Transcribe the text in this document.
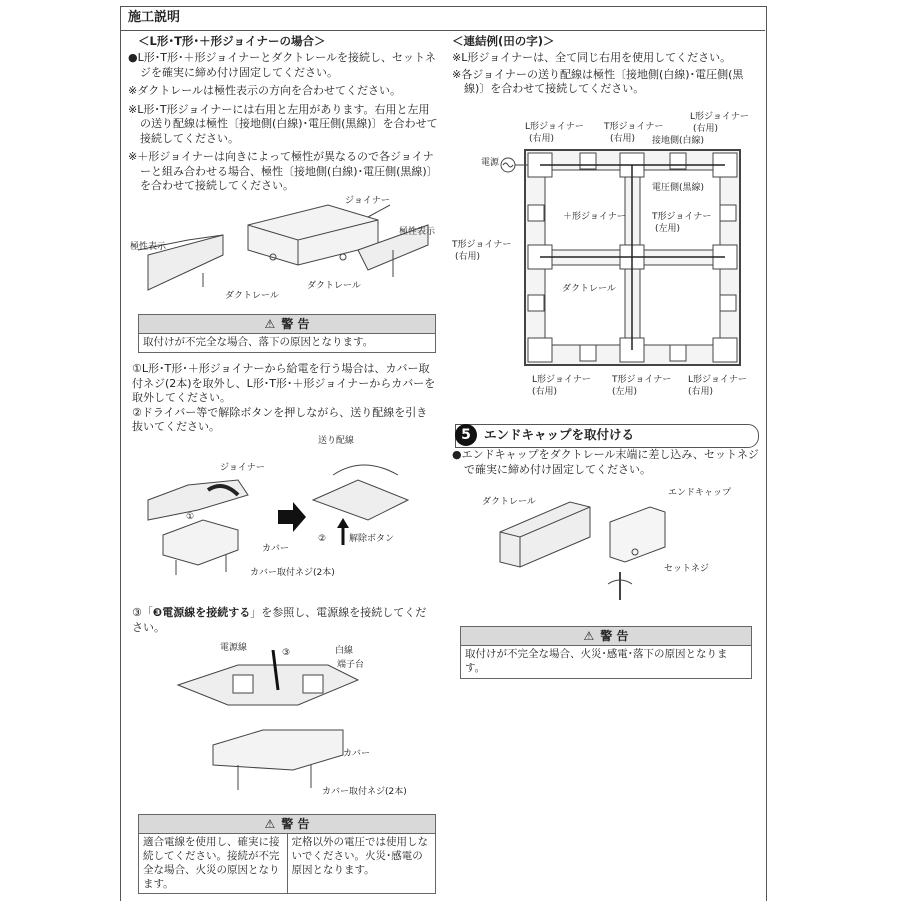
施工説明

＜L形･T形･＋形ジョイナーの場合＞

●L形･T形･＋形ジョイナーとダクトレールを接続し、セットネジを確実に締め付け固定してください。

※ダクトレールは極性表示の方向を合わせてください。

※L形･T形ジョイナーには右用と左用があります。右用と左用の送り配線は極性〔接地側(白線)･電圧側(黒線)〕を合わせて接続してください。

※＋形ジョイナーは向きによって極性が異なるので各ジョイナーと組み合わせる場合、極性〔接地側(白線)･電圧側(黒線)〕を合わせて接続してください。

ジョイナー
極性表示
極性表示
ダクトレール
ダクトレール
⚠ 警 告
取付けが不完全な場合、落下の原因となります。

①L形･T形･＋形ジョイナーから給電を行う場合は、カバー取付ネジ(2本)を取外し、L形･T形･＋形ジョイナーからカバーを取外してください。

②ドライバー等で解除ボタンを押しながら、送り配線を引き抜いてください。

ジョイナー
送り配線
①
②	解除ボタン
カバー
カバー取付ネジ(2本)

③「❸電源線を接続する」を参照し、電源線を接続してください。

電源線	③	白線
端子台
カバー
カバー取付ネジ(2本)
⚠ 警 告
適合電線を使用し、確実に接続してください。接続が不完全な場合、火災の原因となります。
定格以外の電圧では使用しないでください。火災･感電の原因となります。

＜連結例(田の字)＞

※L形ジョイナーは、全て同じ右用を使用してください。

※各ジョイナーの送り配線は極性〔接地側(白線)･電圧側(黒線)〕を合わせて接続してください。

電源
L形ジョイナー
(右用)
T形ジョイナー
(右用)
L形ジョイナー
(右用)
接地側(白線)
電圧側(黒線)
＋形ジョイナー	T形ジョイナー
(左用)
T形ジョイナー
(右用)
ダクトレール
L形ジョイナー
(右用)
T形ジョイナー
(左用)
L形ジョイナー
(右用)
5	エンドキャップを取付ける

●エンドキャップをダクトレール末端に差し込み、セットネジで確実に締め付け固定してください。

ダクトレール
エンドキャップ
セットネジ
⚠ 警 告
取付けが不完全な場合、火災･感電･落下の原因となります。
